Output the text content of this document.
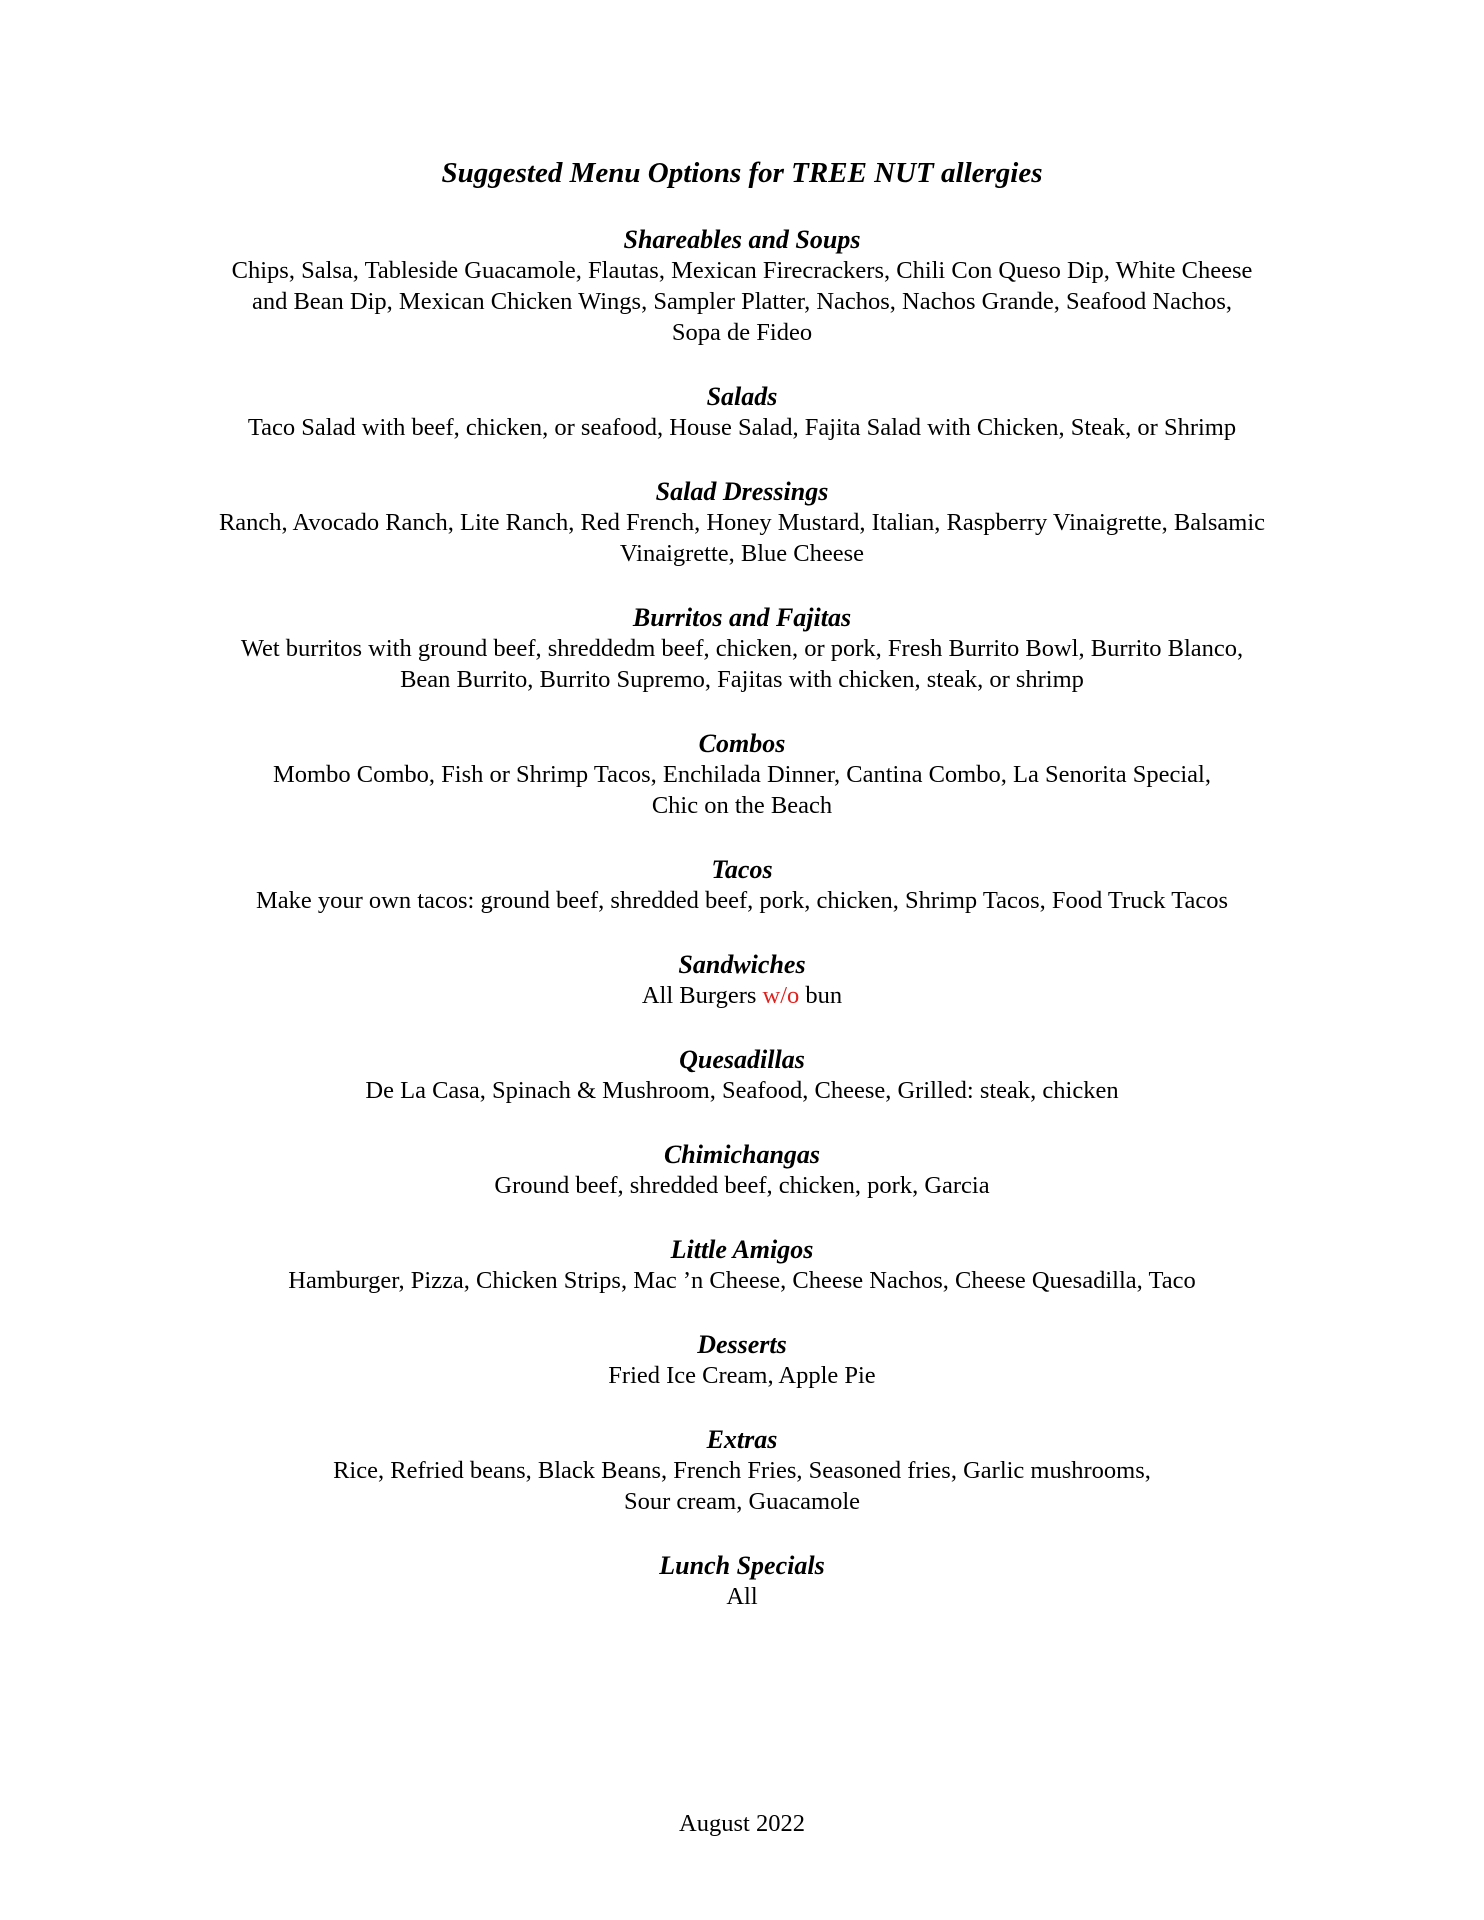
Suggested Menu Options for TREE NUT allergies

Shareables and Soups

Chips, Salsa, Tableside Guacamole, Flautas, Mexican Firecrackers, Chili Con Queso Dip, White Cheese
and Bean Dip, Mexican Chicken Wings, Sampler Platter, Nachos, Nachos Grande, Seafood Nachos,
Sopa de Fideo

Salads

Taco Salad with beef, chicken, or seafood, House Salad, Fajita Salad with Chicken, Steak, or Shrimp

Salad Dressings

Ranch, Avocado Ranch, Lite Ranch, Red French, Honey Mustard, Italian, Raspberry Vinaigrette, Balsamic
Vinaigrette, Blue Cheese

Burritos and Fajitas

Wet burritos with ground beef, shreddedm beef, chicken, or pork, Fresh Burrito Bowl, Burrito Blanco,
Bean Burrito, Burrito Supremo, Fajitas with chicken, steak, or shrimp

Combos

Mombo Combo, Fish or Shrimp Tacos, Enchilada Dinner, Cantina Combo, La Senorita Special,
Chic on the Beach

Tacos

Make your own tacos: ground beef, shredded beef, pork, chicken, Shrimp Tacos, Food Truck Tacos

Sandwiches

All Burgers w/o bun

Quesadillas

De La Casa, Spinach & Mushroom, Seafood, Cheese, Grilled: steak, chicken

Chimichangas

Ground beef, shredded beef, chicken, pork, Garcia

Little Amigos

Hamburger, Pizza, Chicken Strips, Mac ’n Cheese, Cheese Nachos, Cheese Quesadilla, Taco

Desserts

Fried Ice Cream, Apple Pie

Extras

Rice, Refried beans, Black Beans, French Fries, Seasoned fries, Garlic mushrooms,
Sour cream, Guacamole

Lunch Specials

All
August 2022
